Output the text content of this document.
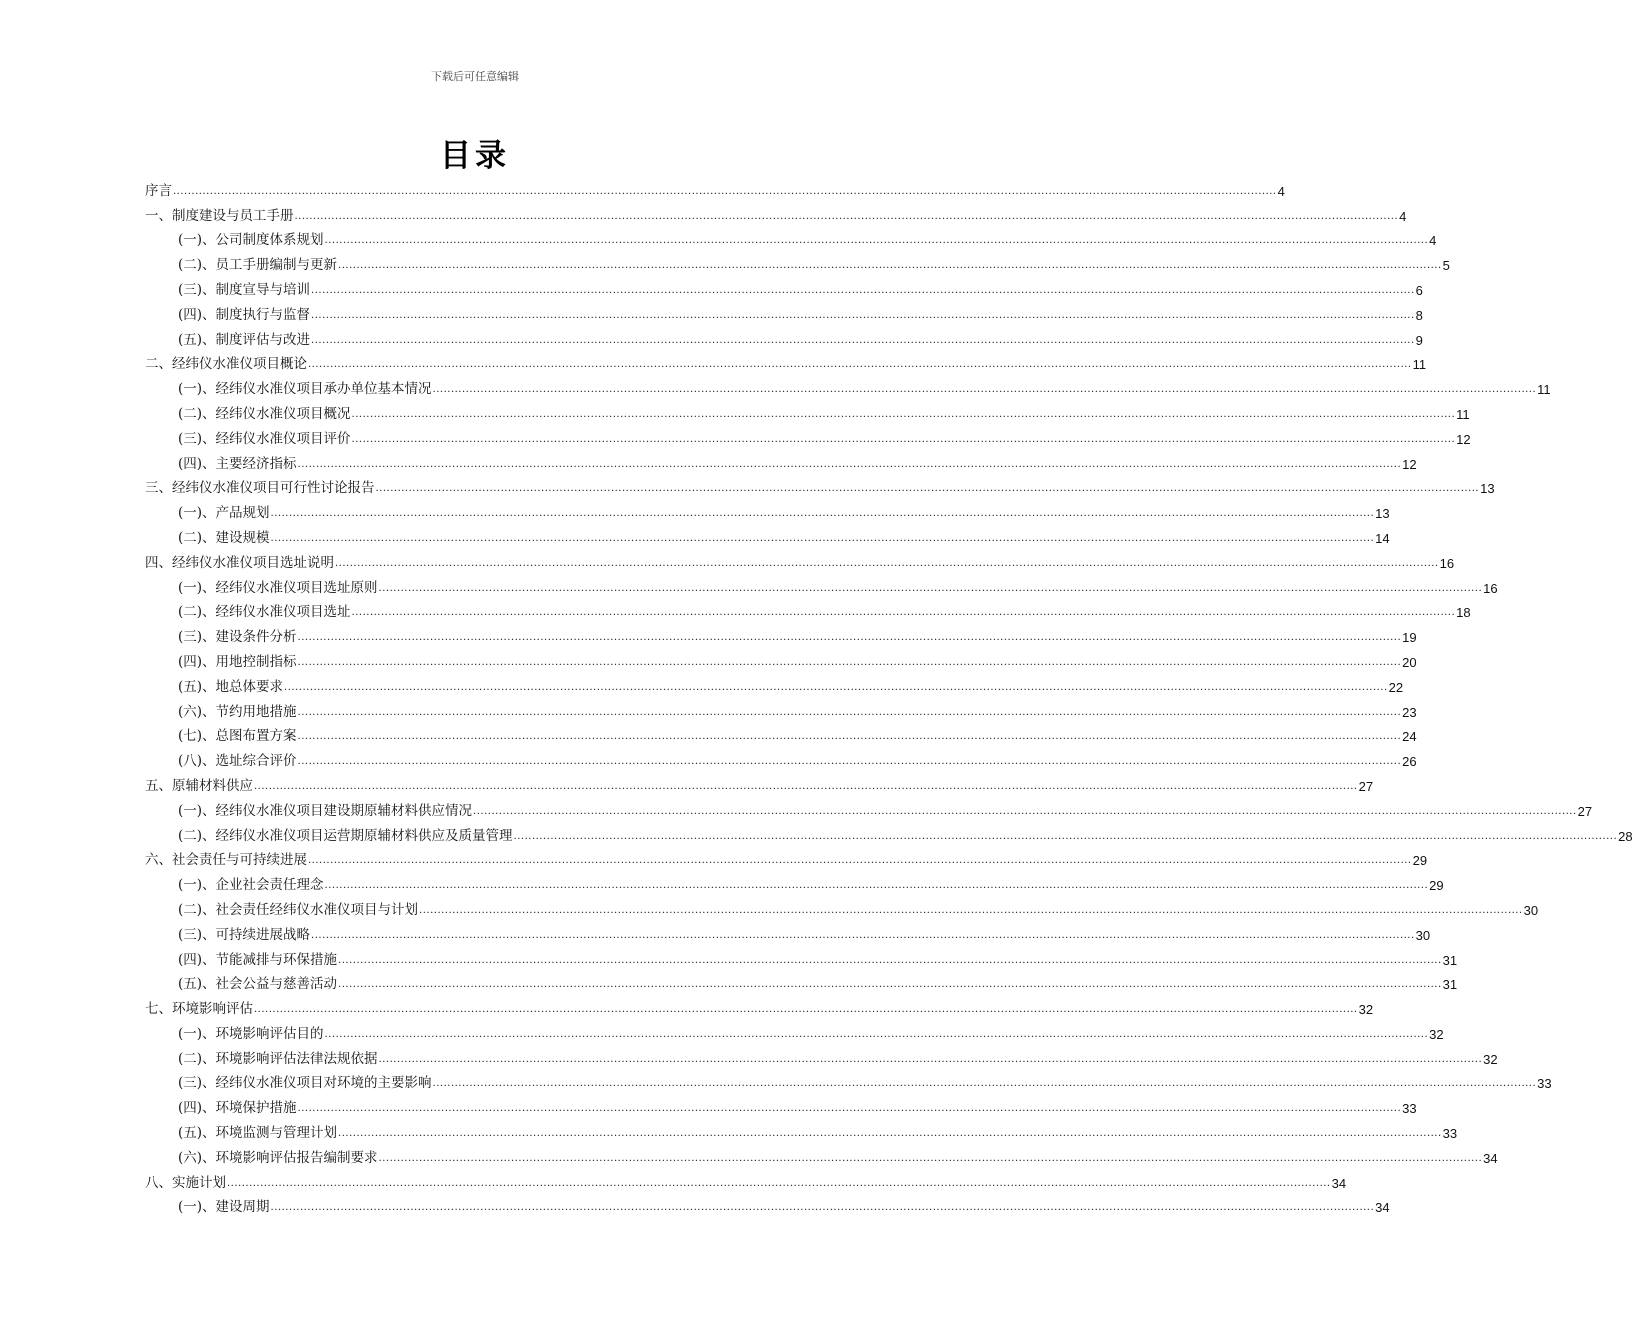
下载后可任意编辑
目录
序言 ............................................................................................................................................................................................................................................................................................................ 4
一、制度建设与员工手册 ............................................................................................................................................................................................................................................................................................................ 4
(一)、公司制度体系规划 ............................................................................................................................................................................................................................................................................................................ 4
(二)、员工手册编制与更新 ............................................................................................................................................................................................................................................................................................................ 5
(三)、制度宣导与培训 ............................................................................................................................................................................................................................................................................................................ 6
(四)、制度执行与监督 ............................................................................................................................................................................................................................................................................................................ 8
(五)、制度评估与改进 ............................................................................................................................................................................................................................................................................................................ 9
二、经纬仪水准仪项目概论 ............................................................................................................................................................................................................................................................................................................ 11
(一)、经纬仪水准仪项目承办单位基本情况 ............................................................................................................................................................................................................................................................................................................ 11
(二)、经纬仪水准仪项目概况 ............................................................................................................................................................................................................................................................................................................ 11
(三)、经纬仪水准仪项目评价 ............................................................................................................................................................................................................................................................................................................ 12
(四)、主要经济指标 ............................................................................................................................................................................................................................................................................................................ 12
三、经纬仪水准仪项目可行性讨论报告 ............................................................................................................................................................................................................................................................................................................ 13
(一)、产品规划 ............................................................................................................................................................................................................................................................................................................ 13
(二)、建设规模 ............................................................................................................................................................................................................................................................................................................ 14
四、经纬仪水准仪项目选址说明 ............................................................................................................................................................................................................................................................................................................ 16
(一)、经纬仪水准仪项目选址原则 ............................................................................................................................................................................................................................................................................................................ 16
(二)、经纬仪水准仪项目选址 ............................................................................................................................................................................................................................................................................................................ 18
(三)、建设条件分析 ............................................................................................................................................................................................................................................................................................................ 19
(四)、用地控制指标 ............................................................................................................................................................................................................................................................................................................ 20
(五)、地总体要求 ............................................................................................................................................................................................................................................................................................................ 22
(六)、节约用地措施 ............................................................................................................................................................................................................................................................................................................ 23
(七)、总图布置方案 ............................................................................................................................................................................................................................................................................................................ 24
(八)、选址综合评价 ............................................................................................................................................................................................................................................................................................................ 26
五、原辅材料供应 ............................................................................................................................................................................................................................................................................................................ 27
(一)、经纬仪水准仪项目建设期原辅材料供应情况 ............................................................................................................................................................................................................................................................................................................ 27
(二)、经纬仪水准仪项目运营期原辅材料供应及质量管理 ............................................................................................................................................................................................................................................................................................................ 28
六、社会责任与可持续进展 ............................................................................................................................................................................................................................................................................................................ 29
(一)、企业社会责任理念 ............................................................................................................................................................................................................................................................................................................ 29
(二)、社会责任经纬仪水准仪项目与计划 ............................................................................................................................................................................................................................................................................................................ 30
(三)、可持续进展战略 ............................................................................................................................................................................................................................................................................................................ 30
(四)、节能减排与环保措施 ............................................................................................................................................................................................................................................................................................................ 31
(五)、社会公益与慈善活动 ............................................................................................................................................................................................................................................................................................................ 31
七、环境影响评估 ............................................................................................................................................................................................................................................................................................................ 32
(一)、环境影响评估目的 ............................................................................................................................................................................................................................................................................................................ 32
(二)、环境影响评估法律法规依据 ............................................................................................................................................................................................................................................................................................................ 32
(三)、经纬仪水准仪项目对环境的主要影响 ............................................................................................................................................................................................................................................................................................................ 33
(四)、环境保护措施 ............................................................................................................................................................................................................................................................................................................ 33
(五)、环境监测与管理计划 ............................................................................................................................................................................................................................................................................................................ 33
(六)、环境影响评估报告编制要求 ............................................................................................................................................................................................................................................................................................................ 34
八、实施计划 ............................................................................................................................................................................................................................................................................................................ 34
(一)、建设周期 ............................................................................................................................................................................................................................................................................................................ 34
